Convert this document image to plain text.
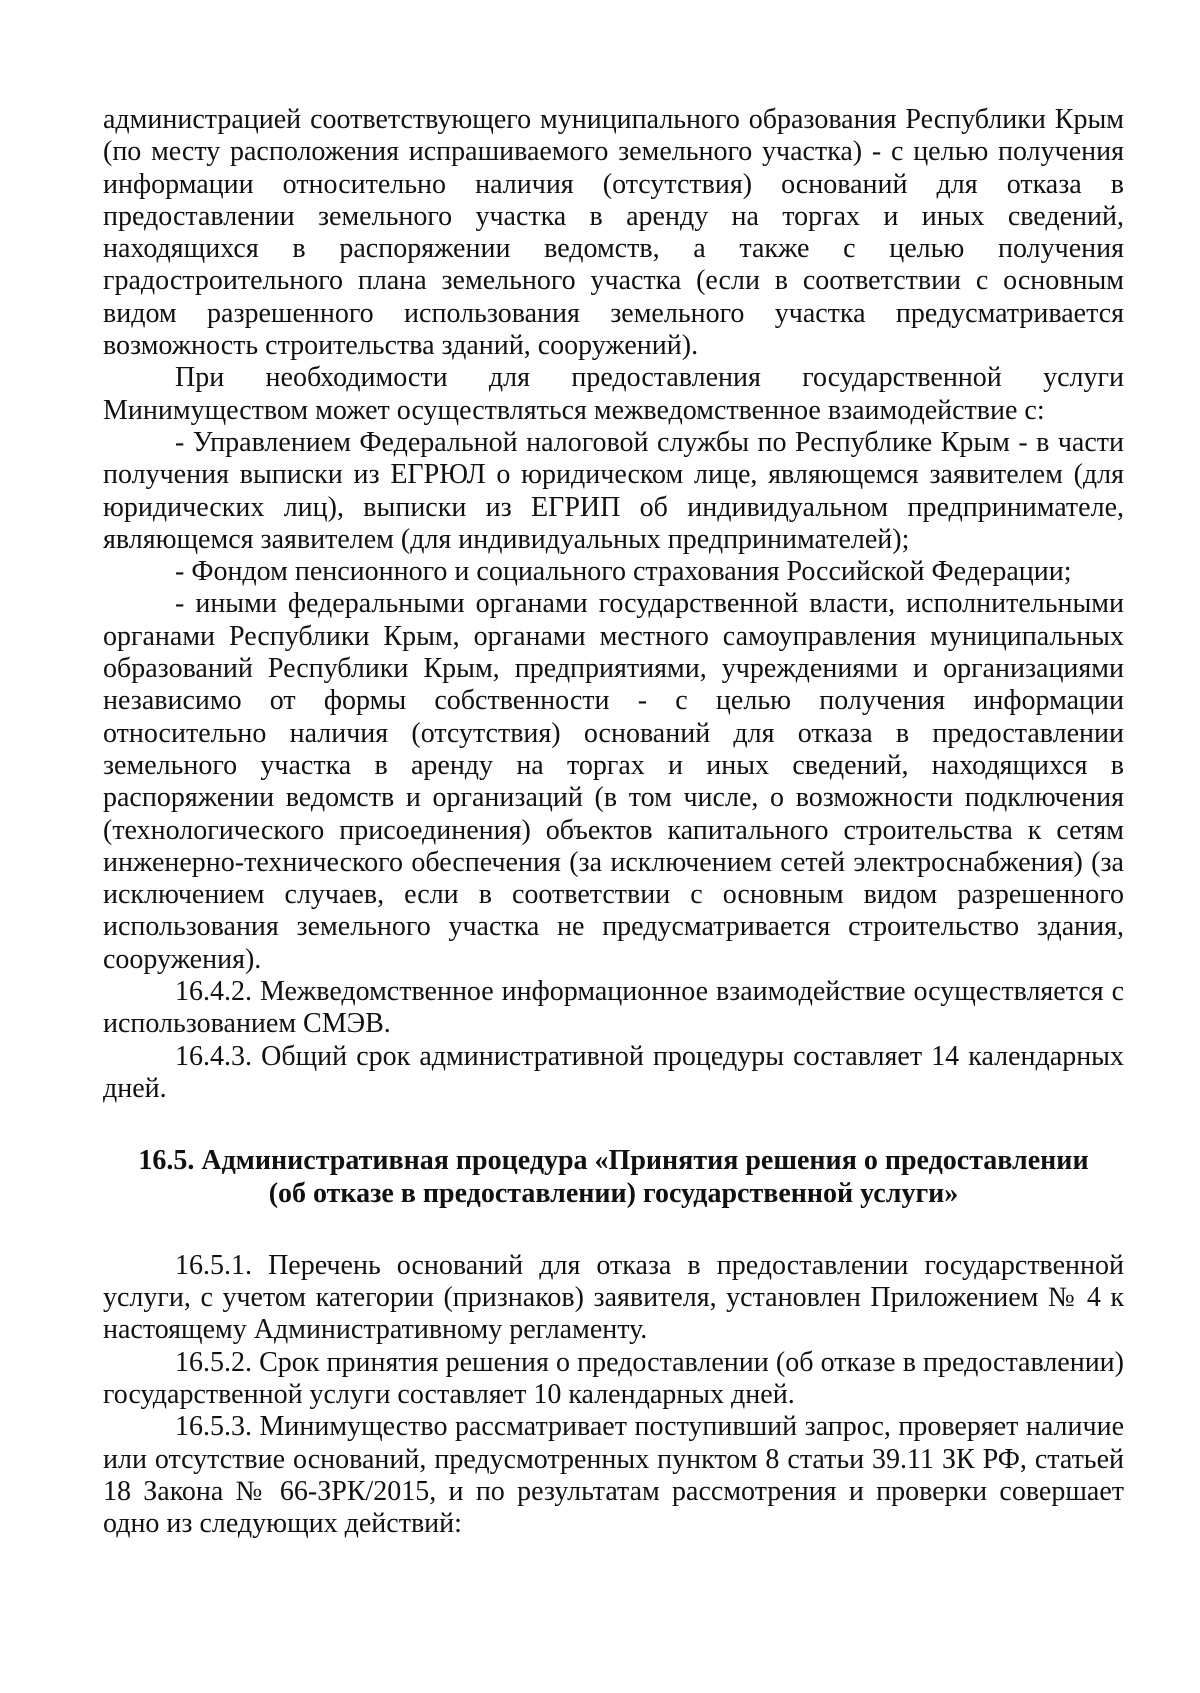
администрацией соответствующего муниципального образования Республики Крым (по месту расположения испрашиваемого земельного участка) - с целью получения информации относительно наличия (отсутствия) оснований для отказа в предоставлении земельного участка в аренду на торгах и иных сведений, находящихся в распоряжении ведомств, а также с целью получения градостроительного плана земельного участка (если в соответствии с основным видом разрешенного использования земельного участка предусматривается возможность строительства зданий, сооружений).

При необходимости для предоставления государственной услуги Минимуществом может осуществляться межведомственное взаимодействие с:

- Управлением Федеральной налоговой службы по Республике Крым - в части получения выписки из ЕГРЮЛ о юридическом лице, являющемся заявителем (для юридических лиц), выписки из ЕГРИП об индивидуальном предпринимателе, являющемся заявителем (для индивидуальных предпринимателей);

- Фондом пенсионного и социального страхования Российской Федерации;

- иными федеральными органами государственной власти, исполнительными органами Республики Крым, органами местного самоуправления муниципальных образований Республики Крым, предприятиями, учреждениями и организациями независимо от формы собственности - с целью получения информации относительно наличия (отсутствия) оснований для отказа в предоставлении земельного участка в аренду на торгах и иных сведений, находящихся в распоряжении ведомств и организаций (в том числе, о возможности подключения (технологического присоединения) объектов капитального строительства к сетям инженерно-технического обеспечения (за исключением сетей электроснабжения) (за исключением случаев, если в соответствии с основным видом разрешенного использования земельного участка не предусматривается строительство здания, сооружения).

16.4.2. Межведомственное информационное взаимодействие осуществляется с использованием СМЭВ.

16.4.3. Общий срок административной процедуры составляет 14 календарных дней.

16.5. Административная процедура «Принятия решения о предоставлении
(об отказе в предоставлении) государственной услуги»

16.5.1. Перечень оснований для отказа в предоставлении государственной услуги, с учетом категории (признаков) заявителя, установлен Приложением № 4 к настоящему Административному регламенту.

16.5.2. Срок принятия решения о предоставлении (об отказе в предоставлении) государственной услуги составляет 10 календарных дней.

16.5.3. Минимущество рассматривает поступивший запрос, проверяет наличие или отсутствие оснований, предусмотренных пунктом 8 статьи 39.11 ЗК РФ, статьей 18 Закона № 66-ЗРК/2015, и по результатам рассмотрения и проверки совершает одно из следующих действий:
